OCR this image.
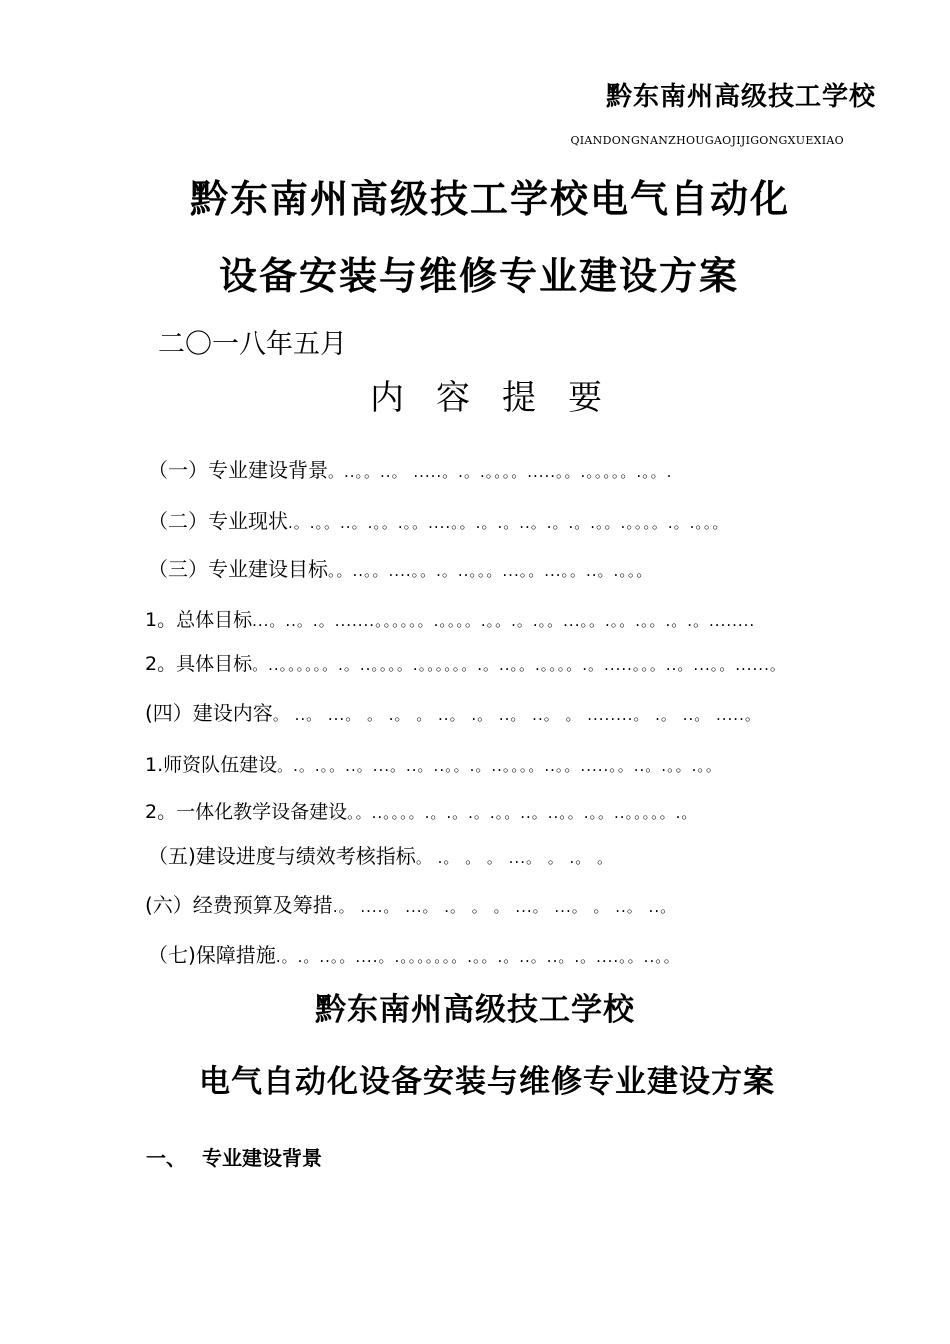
黔东南州高级技工学校
QIANDONGNANZHOUGAOJIJIGONGXUEXIAO
黔东南州高级技工学校电气自动化
设备安装与维修专业建设方案
二〇一八年五月
内 容 提 要
（一）专业建设背景。..。。..。 .....。.。.。。。。.....。。.。。。。。.。。.
（二）专业现状.。.。。..。.。。.。。....。。.。.。..。.。.。.。。.。。。。.。.。。。
（三）专业建设目标。。..。。....。。.。..。。。...。。...。。..。.。。。
1。总体目标...。..。.。.......。。。。。。.。。。。.。。.。.。。...。。.。。.。。.。.。........
2。具体目标。..。。。。。。.。..。。。。.。。。。。。.。..。。.。。。。.。.....。。。..。...。。......。
(四）建设内容。 ..。 ...。 。 .。 。 ..。 .。 ..。 ..。 。 ........。 .。 ..。 .....。
1.师资队伍建设。.。.。。..。...。..。..。。.。..。。。。..。。.....。。..。.。。.。。
2。一体化教学设备建设。。..。。。。.。.。.。.。。..。..。。.。。..。。。。。.。
（五)建设进度与绩效考核指标。 .。 。 。 ...。 。 .。 。
(六）经费预算及筹措.。 ....。 ...。 .。 。 。 ...。 ...。 。 ..。 ..。
（七)保障措施.。.。..。。....。.。。。。。。。.。。.。..。..。.。....。。..。。
黔东南州高级技工学校
电气自动化设备安装与维修专业建设方案
一、 专业建设背景
